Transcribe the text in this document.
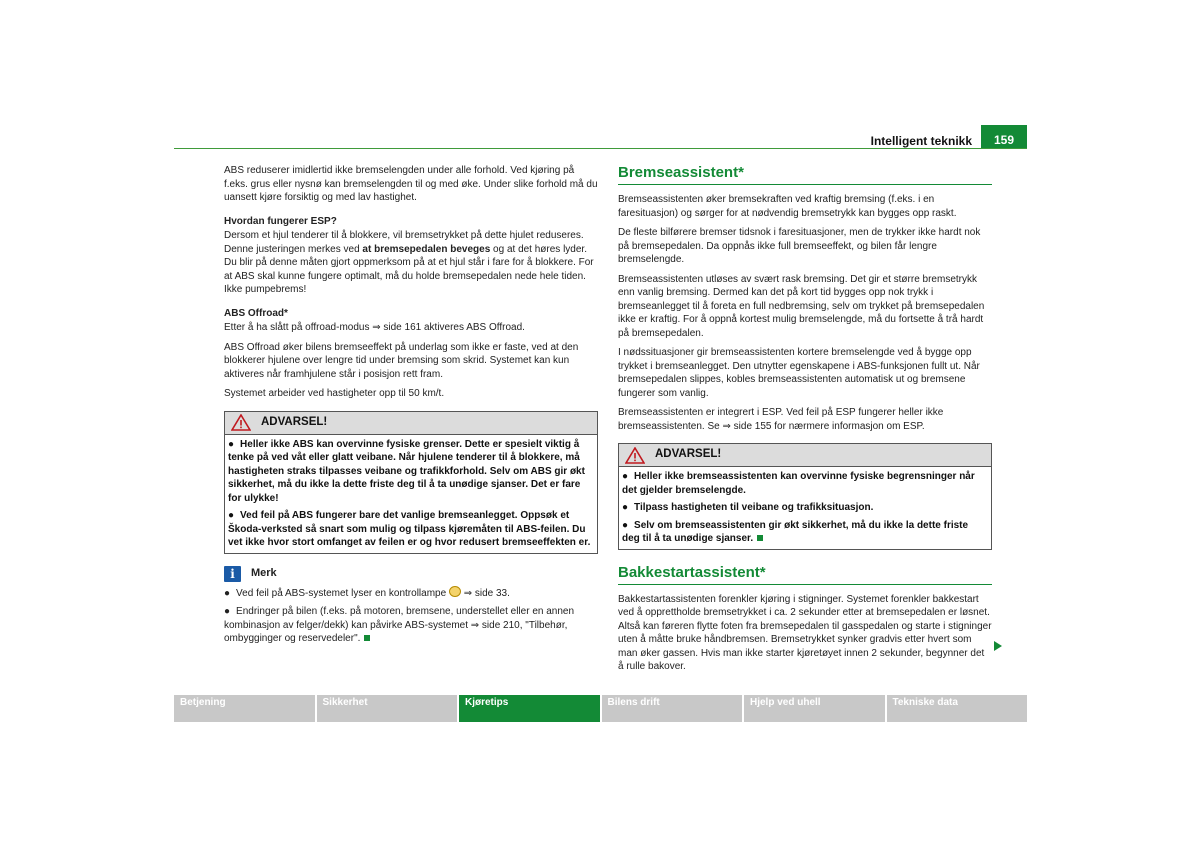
Intelligent teknikk	159

ABS reduserer imidlertid ikke bremselengden under alle forhold. Ved kjøring på f.eks. grus eller nysnø kan bremselengden til og med øke. Under slike forhold må du uansett kjøre forsiktig og med lav hastighet.

Hvordan fungerer ESP?

Dersom et hjul tenderer til å blokkere, vil bremsetrykket på dette hjulet reduseres. Denne justeringen merkes ved at bremsepedalen beveges og at det høres lyder. Du blir på denne måten gjort oppmerksom på at et hjul står i fare for å blokkere. For at ABS skal kunne fungere optimalt, må du holde bremsepedalen nede hele tiden. Ikke pumpebrems!

ABS Offroad*

Etter å ha slått på offroad-modus ⇒ side 161 aktiveres ABS Offroad.

ABS Offroad øker bilens bremseeffekt på underlag som ikke er faste, ved at den blokkerer hjulene over lengre tid under bremsing som skrid. Systemet kan kun aktiveres når framhjulene står i posisjon rett fram.

Systemet arbeider ved hastigheter opp til 50 km/t.

ADVARSEL!
● Heller ikke ABS kan overvinne fysiske grenser. Dette er spesielt viktig å tenke på ved våt eller glatt veibane. Når hjulene tenderer til å blokkere, må hastigheten straks tilpasses veibane og trafikkforhold. Selv om ABS gir økt sikkerhet, må du ikke la dette friste deg til å ta unødige sjanser. Det er fare for ulykke!
● Ved feil på ABS fungerer bare det vanlige bremseanlegget. Oppsøk et Škoda-verksted så snart som mulig og tilpass kjøremåten til ABS-feilen. Du vet ikke hvor stort omfanget av feilen er og hvor redusert bremseeffekten er.
i	Merk
● Ved feil på ABS-systemet lyser en kontrollampe ⇒ side 33.
● Endringer på bilen (f.eks. på motoren, bremsene, understellet eller en annen kombinasjon av felger/dekk) kan påvirke ABS-systemet ⇒ side 210, "Tilbehør, ombygginger og reservedeler".
Bremseassistent*

Bremseassistenten øker bremsekraften ved kraftig bremsing (f.eks. i en faresituasjon) og sørger for at nødvendig bremsetrykk kan bygges opp raskt.

De fleste bilførere bremser tidsnok i faresituasjoner, men de trykker ikke hardt nok på bremsepedalen. Da oppnås ikke full bremseeffekt, og bilen får lengre bremselengde.

Bremseassistenten utløses av svært rask bremsing. Det gir et større bremsetrykk enn vanlig bremsing. Dermed kan det på kort tid bygges opp nok trykk i bremseanlegget til å foreta en full nedbremsing, selv om trykket på bremsepedalen ikke er kraftig. For å oppnå kortest mulig bremselengde, må du fortsette å trå hardt på bremsepedalen.

I nødssituasjoner gir bremseassistenten kortere bremselengde ved å bygge opp trykket i bremseanlegget. Den utnytter egenskapene i ABS-funksjonen fullt ut. Når bremsepedalen slippes, kobles bremseassistenten automatisk ut og bremsene fungerer som vanlig.

Bremseassistenten er integrert i ESP. Ved feil på ESP fungerer heller ikke bremseassistenten. Se ⇒ side 155 for nærmere informasjon om ESP.

ADVARSEL!
● Heller ikke bremseassistenten kan overvinne fysiske begrensninger når det gjelder bremselengde.
● Tilpass hastigheten til veibane og trafikksituasjon.
● Selv om bremseassistenten gir økt sikkerhet, må du ikke la dette friste deg til å ta unødige sjanser.
Bakkestartassistent*

Bakkestartassistenten forenkler kjøring i stigninger. Systemet forenkler bakkestart ved å opprettholde bremsetrykket i ca. 2 sekunder etter at bremsepedalen er løsnet. Altså kan føreren flytte foten fra bremsepedalen til gasspedalen og starte i stigninger uten å måtte bruke håndbremsen. Bremsetrykket synker gradvis etter hvert som man øker gassen. Hvis man ikke starter kjøretøyet innen 2 sekunder, begynner det å rulle bakover.

Betjening	Sikkerhet	Kjøretips	Bilens drift	Hjelp ved uhell	Tekniske data
